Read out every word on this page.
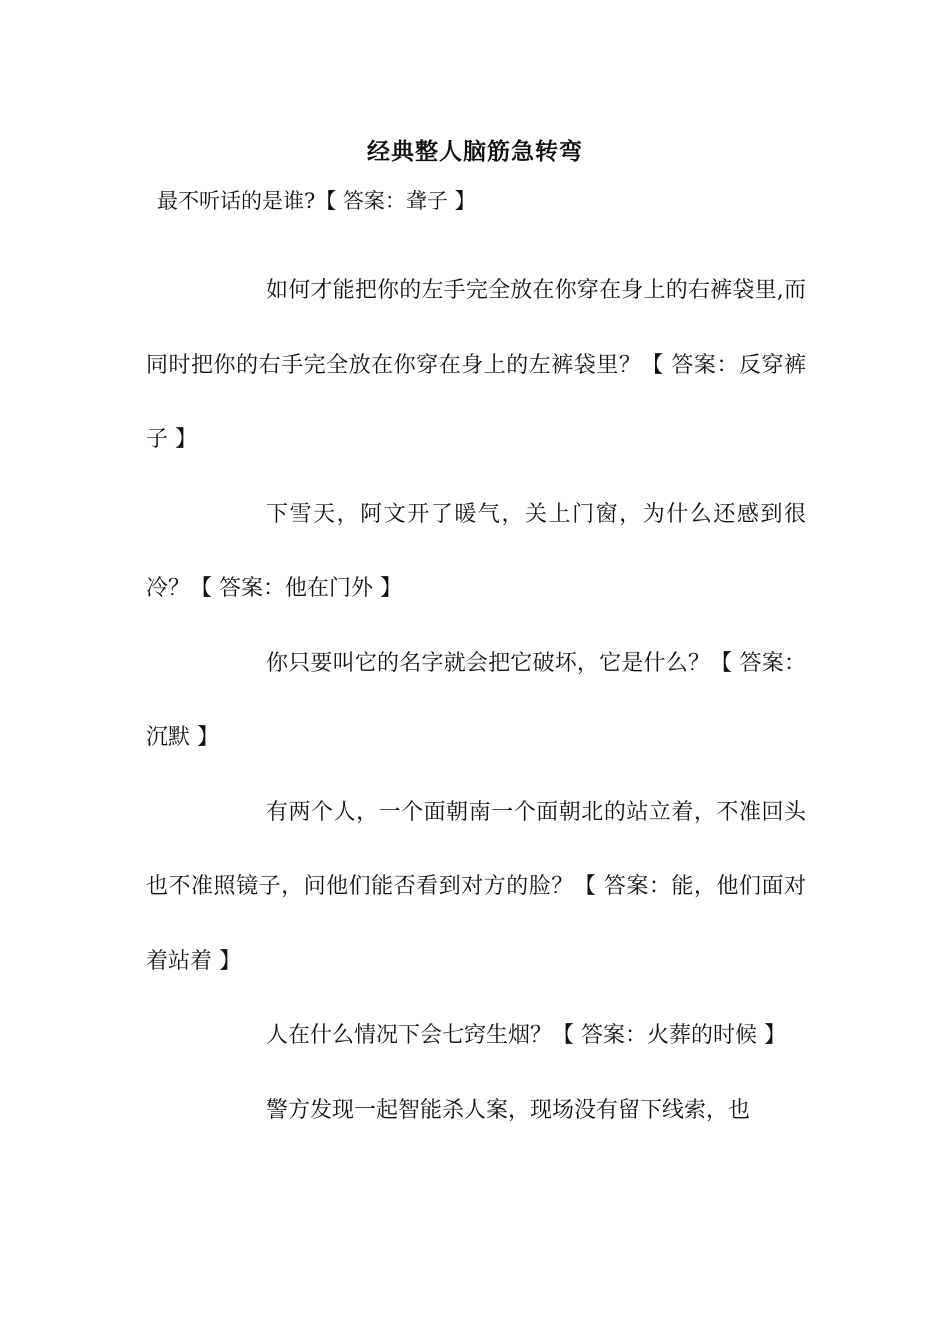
经典整人脑筋急转弯
最不听话的是谁?【 答案：聋子 】

如何才能把你的左手完全放在你穿在身上的右裤袋里,而同时把你的右手完全放在你穿在身上的左裤袋里？【 答案：反穿裤子 】

下雪天，阿文开了暖气，关上门窗，为什么还感到很冷？【 答案：他在门外 】

你只要叫它的名字就会把它破坏，它是什么？【 答案：沉默 】

有两个人，一个面朝南一个面朝北的站立着，不准回头也不准照镜子，问他们能否看到对方的脸？【 答案：能，他们面对着站着 】

人在什么情况下会七窍生烟？【 答案：火葬的时候 】

警方发现一起智能杀人案，现场没有留下线索，也
